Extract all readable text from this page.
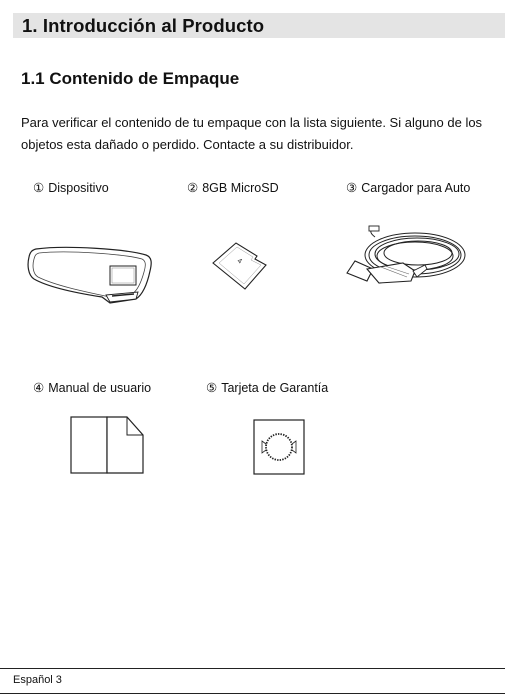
1. Introducción al Producto
1.1 Contenido de Empaque
Para verificar el contenido de tu empaque con la lista siguiente. Si alguno de los objetos esta dañado o perdido. Contacte a su distribuidor.
① Dispositivo	② 8GB MicroSD	③ Cargador para Auto
④ Manual de usuario	⑤ Tarjeta de Garantía
4
Español 3
